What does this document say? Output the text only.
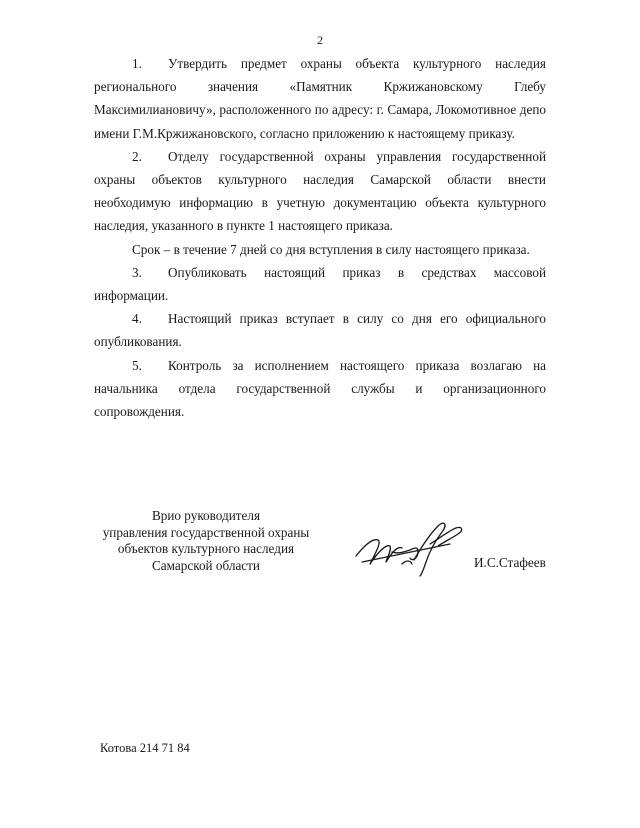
2

1. Утвердить предмет охраны объекта культурного наследия регионального значения «Памятник Кржижановскому Глебу Максимилиановичу», расположенного по адресу: г. Самара, Локомотивное депо имени Г.М.Кржижановского, согласно приложению к настоящему приказу.

2. Отделу государственной охраны управления государственной охраны объектов культурного наследия Самарской области внести необходимую информацию в учетную документацию объекта культурного наследия, указанного в пункте 1 настоящего приказа.

Срок – в течение 7 дней со дня вступления в силу настоящего приказа.

3. Опубликовать настоящий приказ в средствах массовой информации.

4. Настоящий приказ вступает в силу со дня его официального опубликования.

5. Контроль за исполнением настоящего приказа возлагаю на начальника отдела государственной службы и организационного сопровождения.

Врио руководителя
управления государственной охраны
объектов культурного наследия
Самарской области	И.С.Стафеев
Котова 214 71 84
